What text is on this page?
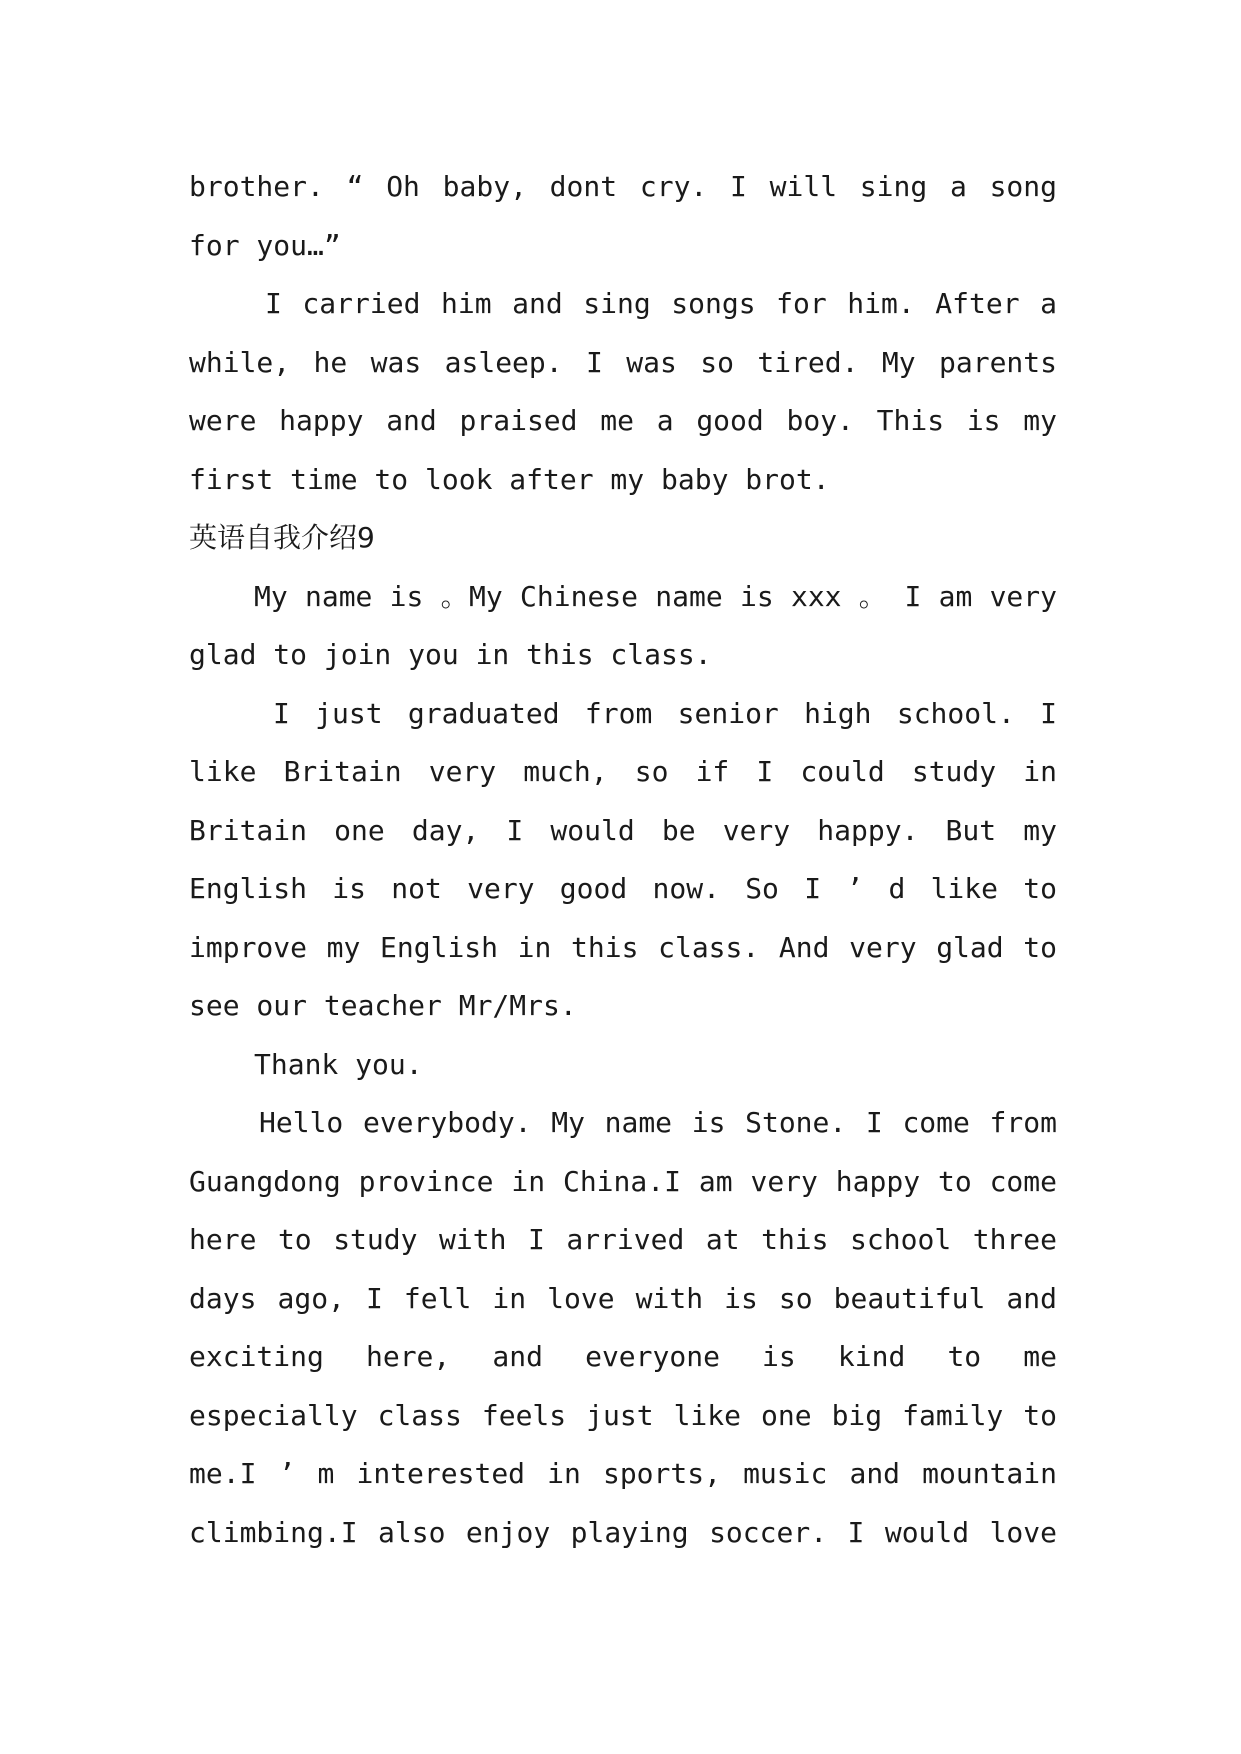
brother. “ Oh baby, dont cry. I will sing a song
for you…”
I carried him and sing songs for him. After a
while, he was asleep. I was so tired. My parents
were happy and praised me a good boy. This is my
first time to look after my baby brot.
英语自我介绍9
My name is 。My Chinese name is xxx 。 I am very
glad to join you in this class.
I just graduated from senior high school. I
like Britain very much, so if I could study in
Britain one day, I would be very happy. But my
English is not very good now. So I ’ d like to
improve my English in this class. And very glad to
see our teacher Mr/Mrs.
Thank you.
Hello everybody. My name is Stone. I come from
Guangdong province in China.I am very happy to come
here to study with I arrived at this school three
days ago, I fell in love with is so beautiful and
exciting here, and everyone is kind to me
especially class feels just like one big family to
me.I ’ m interested in sports, music and mountain
climbing.I also enjoy playing soccer. I would love
